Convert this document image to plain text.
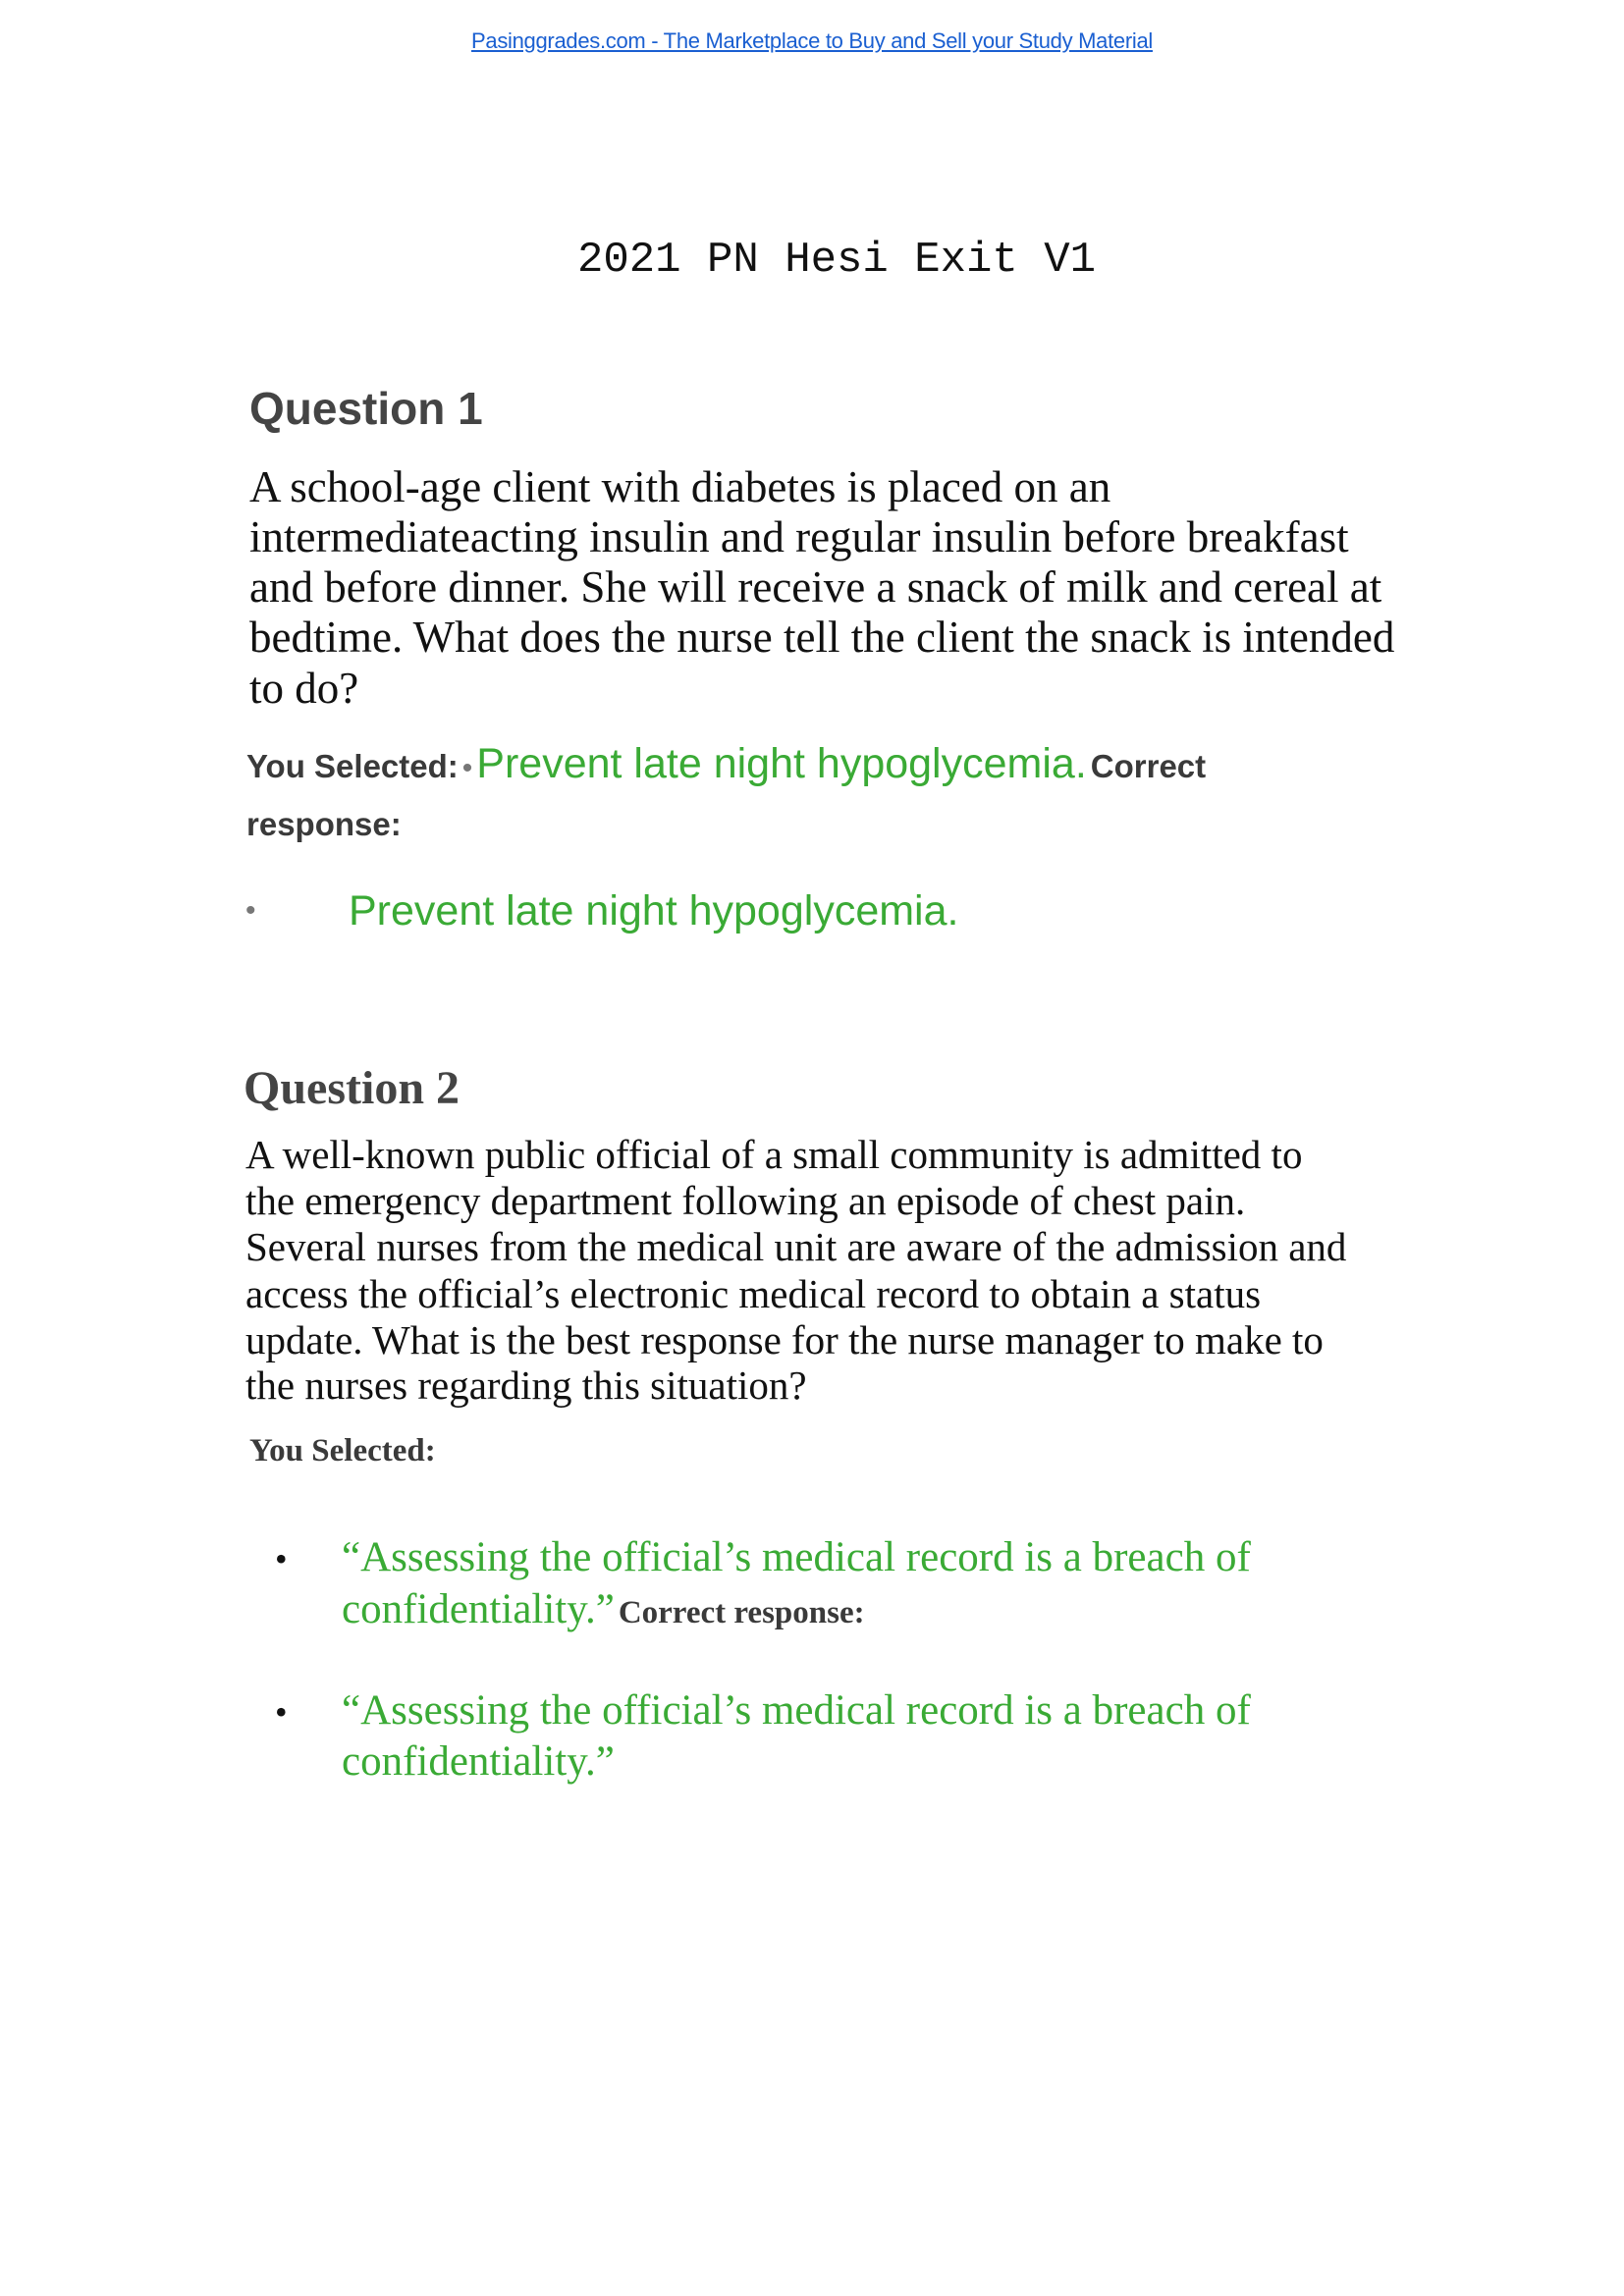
Pasinggrades.com - The Marketplace to Buy and Sell your Study Material
2021 PN Hesi Exit V1
Question 1
A school-age client with diabetes is placed on an
intermediateacting insulin and regular insulin before breakfast
and before dinner. She will receive a snack of milk and cereal at
bedtime. What does the nurse tell the client the snack is intended
to do?
You Selected: • Prevent late night hypoglycemia. Correct
response:
• Prevent late night hypoglycemia.
Question 2
A well-known public official of a small community is admitted to
the emergency department following an episode of chest pain.
Several nurses from the medical unit are aware of the admission and
access the official’s electronic medical record to obtain a status
update. What is the best response for the nurse manager to make to
the nurses regarding this situation?
You Selected:
• “Assessing the official’s medical record is a breach of
confidentiality.” Correct response:
• “Assessing the official’s medical record is a breach of
confidentiality.”
